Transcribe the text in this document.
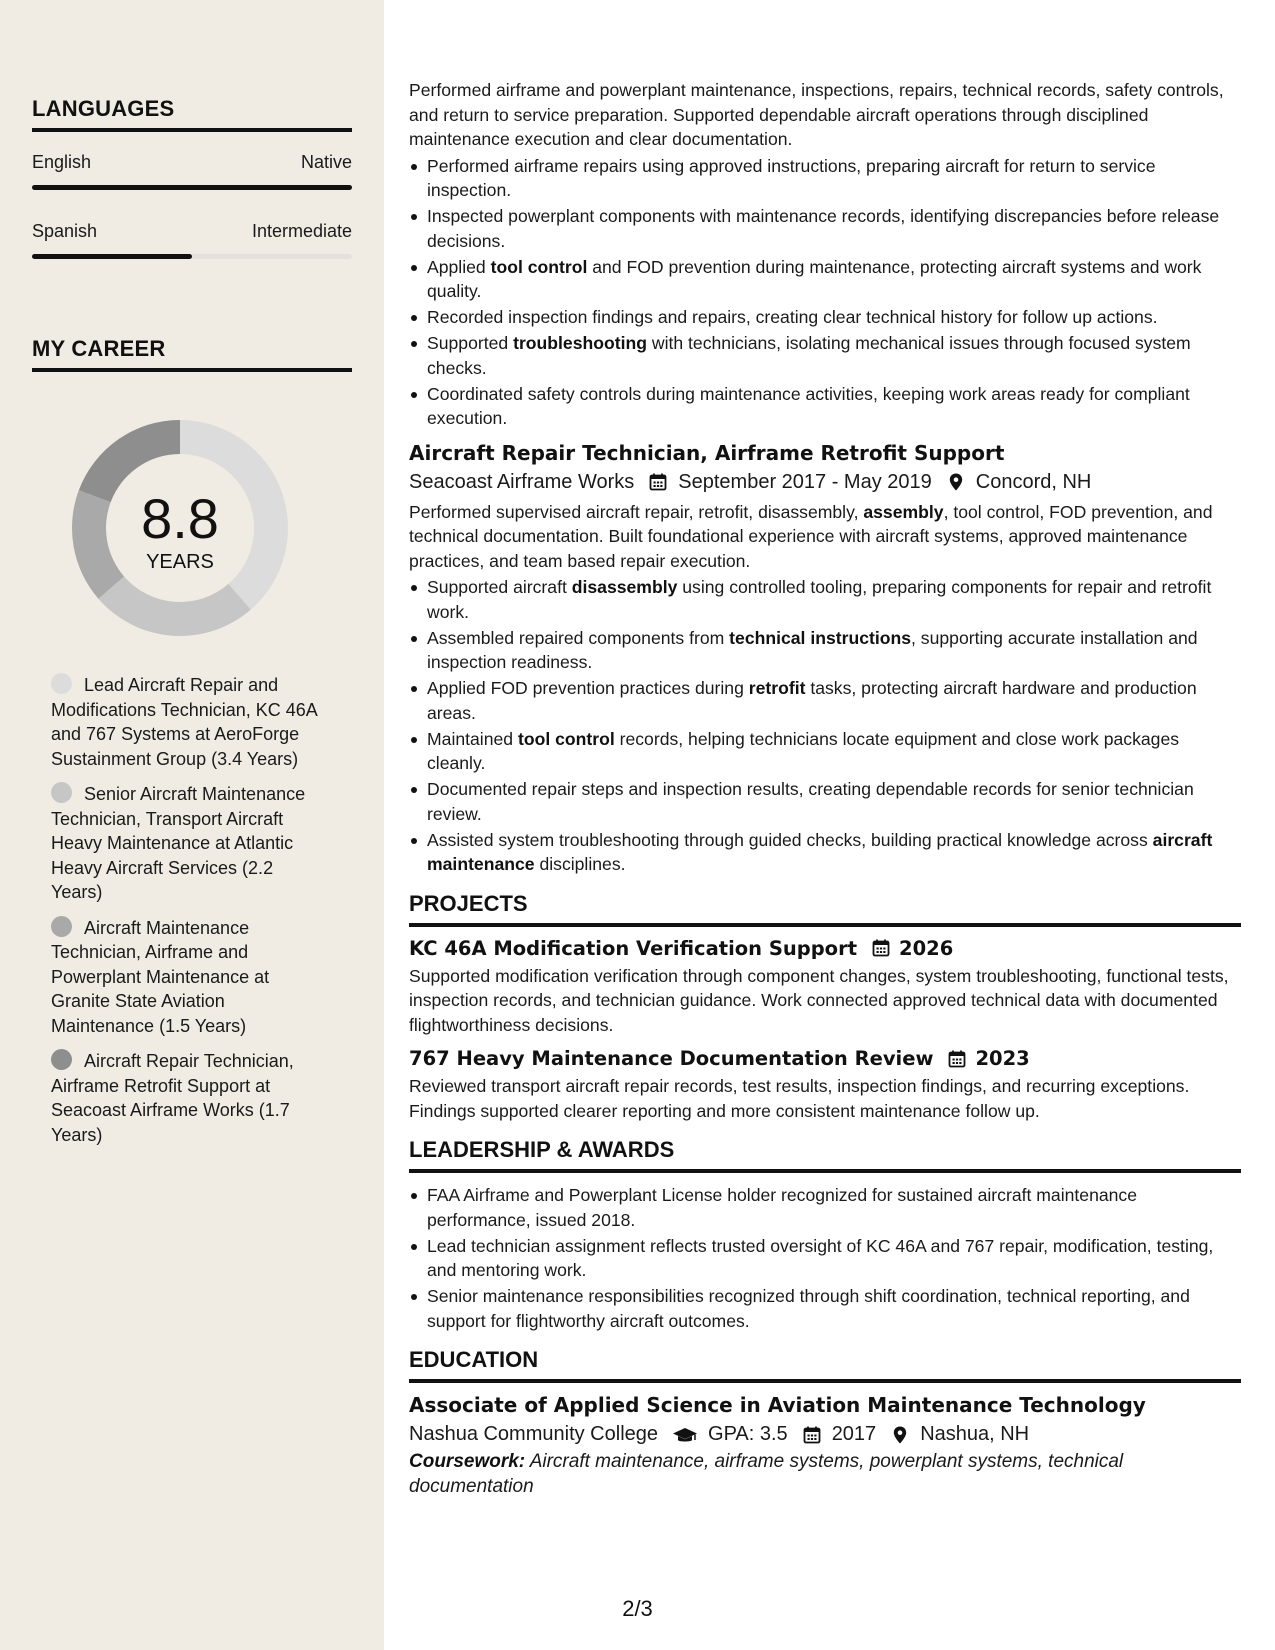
LANGUAGES
English	Native
Spanish	Intermediate
MY CAREER
8.8
YEARS
Lead Aircraft Repair and Modifications Technician, KC 46A and 767 Systems at AeroForge Sustainment Group (3.4 Years)
Senior Aircraft Maintenance Technician, Transport Aircraft Heavy Maintenance at Atlantic Heavy Aircraft Services (2.2 Years)
Aircraft Maintenance Technician, Airframe and Powerplant Maintenance at Granite State Aviation Maintenance (1.5 Years)
Aircraft Repair Technician, Airframe Retrofit Support at Seacoast Airframe Works (1.7 Years)

Performed airframe and powerplant maintenance, inspections, repairs, technical records, safety controls, and return to service preparation. Supported dependable aircraft operations through disciplined maintenance execution and clear documentation.

Performed airframe repairs using approved instructions, preparing aircraft for return to service inspection.
Inspected powerplant components with maintenance records, identifying discrepancies before release decisions.
Applied tool control and FOD prevention during maintenance, protecting aircraft systems and work quality.
Recorded inspection findings and repairs, creating clear technical history for follow up actions.
Supported troubleshooting with technicians, isolating mechanical issues through focused system checks.
Coordinated safety controls during maintenance activities, keeping work areas ready for compliant execution.
Aircraft Repair Technician, Airframe Retrofit Support
Seacoast Airframe Works September 2017 - May 2019 Concord, NH

Performed supervised aircraft repair, retrofit, disassembly, assembly, tool control, FOD prevention, and technical documentation. Built foundational experience with aircraft systems, approved maintenance practices, and team based repair execution.

Supported aircraft disassembly using controlled tooling, preparing components for repair and retrofit work.
Assembled repaired components from technical instructions, supporting accurate installation and inspection readiness.
Applied FOD prevention practices during retrofit tasks, protecting aircraft hardware and production areas.
Maintained tool control records, helping technicians locate equipment and close work packages cleanly.
Documented repair steps and inspection results, creating dependable records for senior technician review.
Assisted system troubleshooting through guided checks, building practical knowledge across aircraft maintenance disciplines.
PROJECTS
KC 46A Modification Verification Support 2026

Supported modification verification through component changes, system troubleshooting, functional tests, inspection records, and technician guidance. Work connected approved technical data with documented flightworthiness decisions.

767 Heavy Maintenance Documentation Review 2023

Reviewed transport aircraft repair records, test results, inspection findings, and recurring exceptions. Findings supported clearer reporting and more consistent maintenance follow up.

LEADERSHIP & AWARDS
FAA Airframe and Powerplant License holder recognized for sustained aircraft maintenance performance, issued 2018.
Lead technician assignment reflects trusted oversight of KC 46A and 767 repair, modification, testing, and mentoring work.
Senior maintenance responsibilities recognized through shift coordination, technical reporting, and support for flightworthy aircraft outcomes.
EDUCATION
Associate of Applied Science in Aviation Maintenance Technology
Nashua Community College	GPA: 3.5 2017 Nashua, NH

Coursework: Aircraft maintenance, airframe systems, powerplant systems, technical documentation

2/3
